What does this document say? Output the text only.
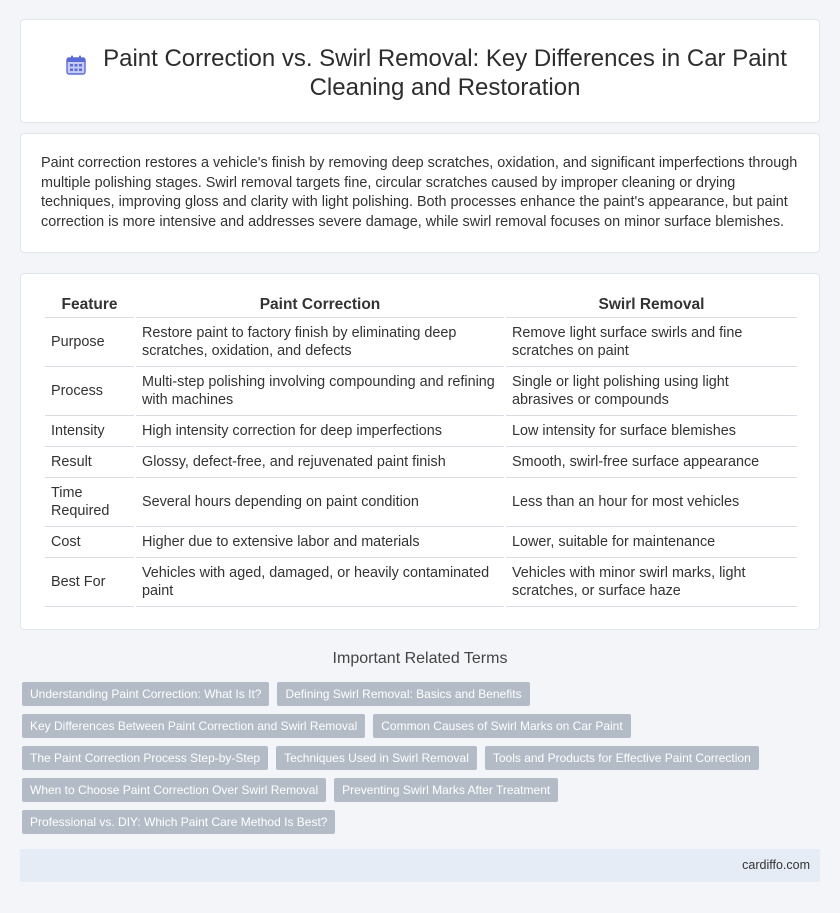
Paint Correction vs. Swirl Removal: Key Differences in Car Paint Cleaning and Restoration

Paint correction restores a vehicle's finish by removing deep scratches, oxidation, and significant imperfections through multiple polishing stages. Swirl removal targets fine, circular scratches caused by improper cleaning or drying techniques, improving gloss and clarity with light polishing. Both processes enhance the paint's appearance, but paint correction is more intensive and addresses severe damage, while swirl removal focuses on minor surface blemishes.

Feature	Paint Correction	Swirl Removal
Purpose	Restore paint to factory finish by eliminating deep scratches, oxidation, and defects	Remove light surface swirls and fine scratches on paint
Process	Multi-step polishing involving compounding and refining with machines	Single or light polishing using light abrasives or compounds
Intensity	High intensity correction for deep imperfections	Low intensity for surface blemishes
Result	Glossy, defect-free, and rejuvenated paint finish	Smooth, swirl-free surface appearance
Time Required	Several hours depending on paint condition	Less than an hour for most vehicles
Cost	Higher due to extensive labor and materials	Lower, suitable for maintenance
Best For	Vehicles with aged, damaged, or heavily contaminated paint	Vehicles with minor swirl marks, light scratches, or surface haze
Important Related Terms
Understanding Paint Correction: What Is It?	Defining Swirl Removal: Basics and Benefits
Key Differences Between Paint Correction and Swirl Removal	Common Causes of Swirl Marks on Car Paint
The Paint Correction Process Step-by-Step	Techniques Used in Swirl Removal	Tools and Products for Effective Paint Correction
When to Choose Paint Correction Over Swirl Removal	Preventing Swirl Marks After Treatment
Professional vs. DIY: Which Paint Care Method Is Best?
cardiffo.com
